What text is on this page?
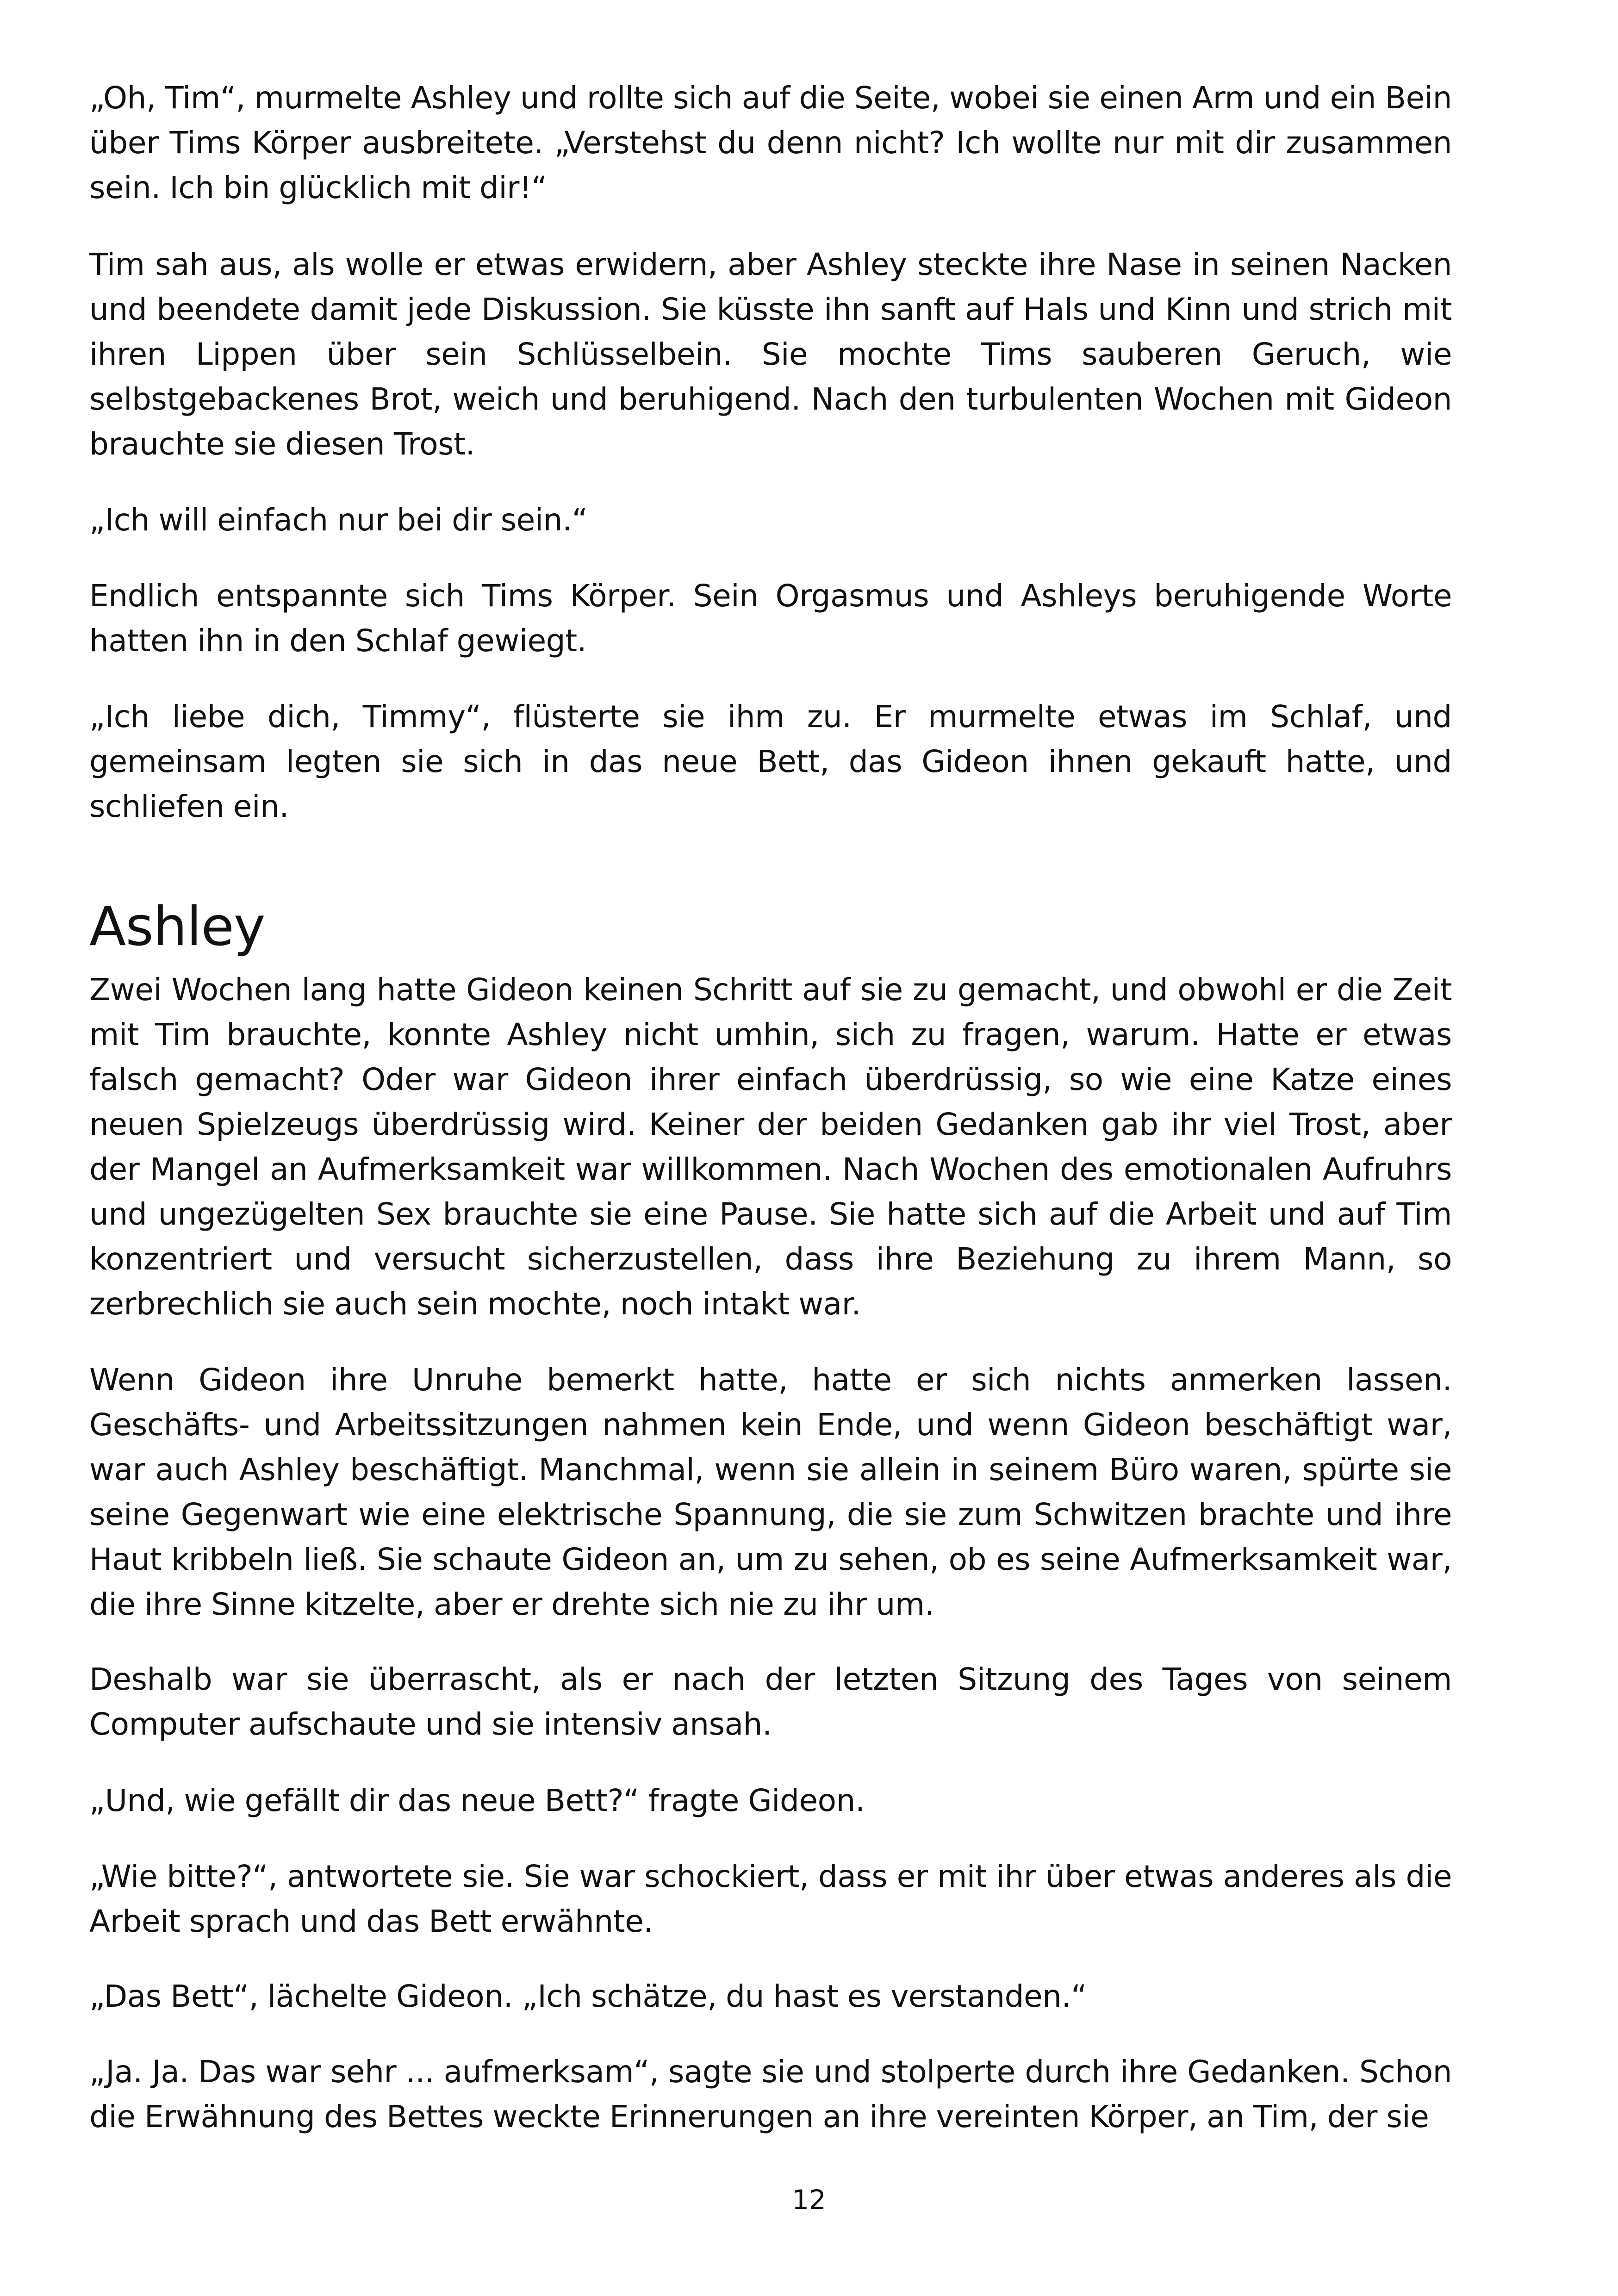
„Oh, Tim“, murmelte Ashley und rollte sich auf die Seite, wobei sie einen Arm und ein Bein über Tims Körper ausbreitete. „Verstehst du denn nicht? Ich wollte nur mit dir zusammen sein. Ich bin glücklich mit dir!“

Tim sah aus, als wolle er etwas erwidern, aber Ashley steckte ihre Nase in seinen Nacken und beendete damit jede Diskussion. Sie küsste ihn sanft auf Hals und Kinn und strich mit ihren Lippen über sein Schlüsselbein. Sie mochte Tims sauberen Geruch, wie selbstgebackenes Brot, weich und beruhigend. Nach den turbulenten Wochen mit Gideon brauchte sie diesen Trost.

„Ich will einfach nur bei dir sein.“

Endlich entspannte sich Tims Körper. Sein Orgasmus und Ashleys beruhigende Worte hatten ihn in den Schlaf gewiegt.

„Ich liebe dich, Timmy“, flüsterte sie ihm zu. Er murmelte etwas im Schlaf, und gemeinsam legten sie sich in das neue Bett, das Gideon ihnen gekauft hatte, und schliefen ein.

Ashley

Zwei Wochen lang hatte Gideon keinen Schritt auf sie zu gemacht, und obwohl er die Zeit mit Tim brauchte, konnte Ashley nicht umhin, sich zu fragen, warum. Hatte er etwas falsch gemacht? Oder war Gideon ihrer einfach überdrüssig, so wie eine Katze eines neuen Spielzeugs überdrüssig wird. Keiner der beiden Gedanken gab ihr viel Trost, aber der Mangel an Aufmerksamkeit war willkommen. Nach Wochen des emotionalen Aufruhrs und ungezügelten Sex brauchte sie eine Pause. Sie hatte sich auf die Arbeit und auf Tim konzentriert und versucht sicherzustellen, dass ihre Beziehung zu ihrem Mann, so zerbrechlich sie auch sein mochte, noch intakt war.

Wenn Gideon ihre Unruhe bemerkt hatte, hatte er sich nichts anmerken lassen. Geschäfts- und Arbeitssitzungen nahmen kein Ende, und wenn Gideon beschäftigt war, war auch Ashley beschäftigt. Manchmal, wenn sie allein in seinem Büro waren, spürte sie seine Gegenwart wie eine elektrische Spannung, die sie zum Schwitzen brachte und ihre Haut kribbeln ließ. Sie schaute Gideon an, um zu sehen, ob es seine Aufmerksamkeit war, die ihre Sinne kitzelte, aber er drehte sich nie zu ihr um.

Deshalb war sie überrascht, als er nach der letzten Sitzung des Tages von seinem Computer aufschaute und sie intensiv ansah.

„Und, wie gefällt dir das neue Bett?“ fragte Gideon.

„Wie bitte?“, antwortete sie. Sie war schockiert, dass er mit ihr über etwas anderes als die Arbeit sprach und das Bett erwähnte.

„Das Bett“, lächelte Gideon. „Ich schätze, du hast es verstanden.“

„Ja. Ja. Das war sehr ... aufmerksam“, sagte sie und stolperte durch ihre Gedanken. Schon die Erwähnung des Bettes weckte Erinnerungen an ihre vereinten Körper, an Tim, der sie

12
